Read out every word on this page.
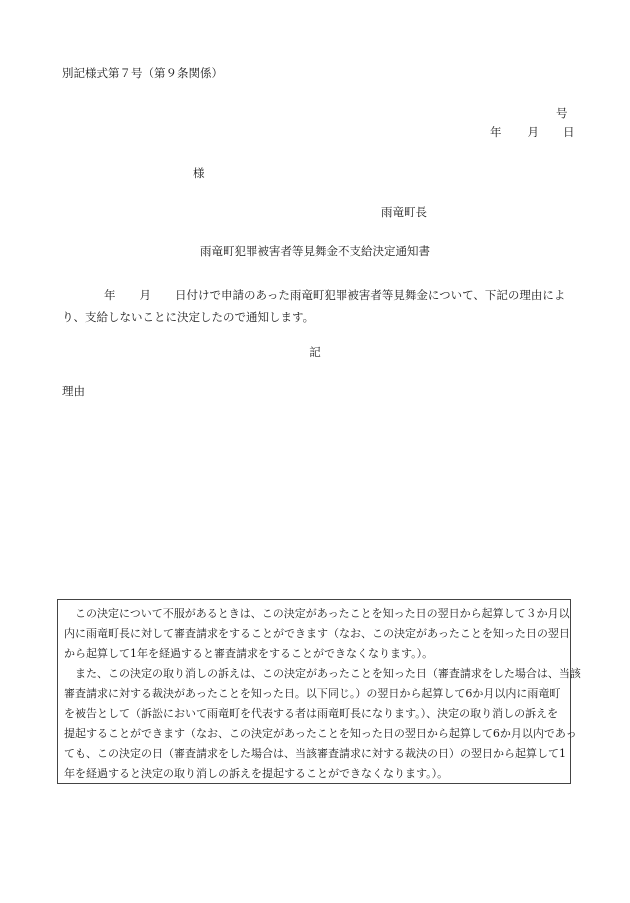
別記様式第７号（第９条関係）
号
年 月 日
様
雨竜町長
雨竜町犯罪被害者等見舞金不支給決定通知書

年 月 日付けで申請のあった雨竜町犯罪被害者等見舞金について、下記の理由によ

り、支給しないことに決定したので通知します。

記
理由

　この決定について不服があるときは、この決定があったことを知った日の翌日から起算して３か月以

内に雨竜町長に対して審査請求をすることができます（なお、この決定があったことを知った日の翌日

から起算して1年を経過すると審査請求をすることができなくなります。）。

　また、この決定の取り消しの訴えは、この決定があったことを知った日（審査請求をした場合は、当該

審査請求に対する裁決があったことを知った日。以下同じ。）の翌日から起算して6か月以内に雨竜町

を被告として（訴訟において雨竜町を代表する者は雨竜町長になります。）、決定の取り消しの訴えを

提起することができます（なお、この決定があったことを知った日の翌日から起算して6か月以内であっ

ても、この決定の日（審査請求をした場合は、当該審査請求に対する裁決の日）の翌日から起算して1

年を経過すると決定の取り消しの訴えを提起することができなくなります。）。
